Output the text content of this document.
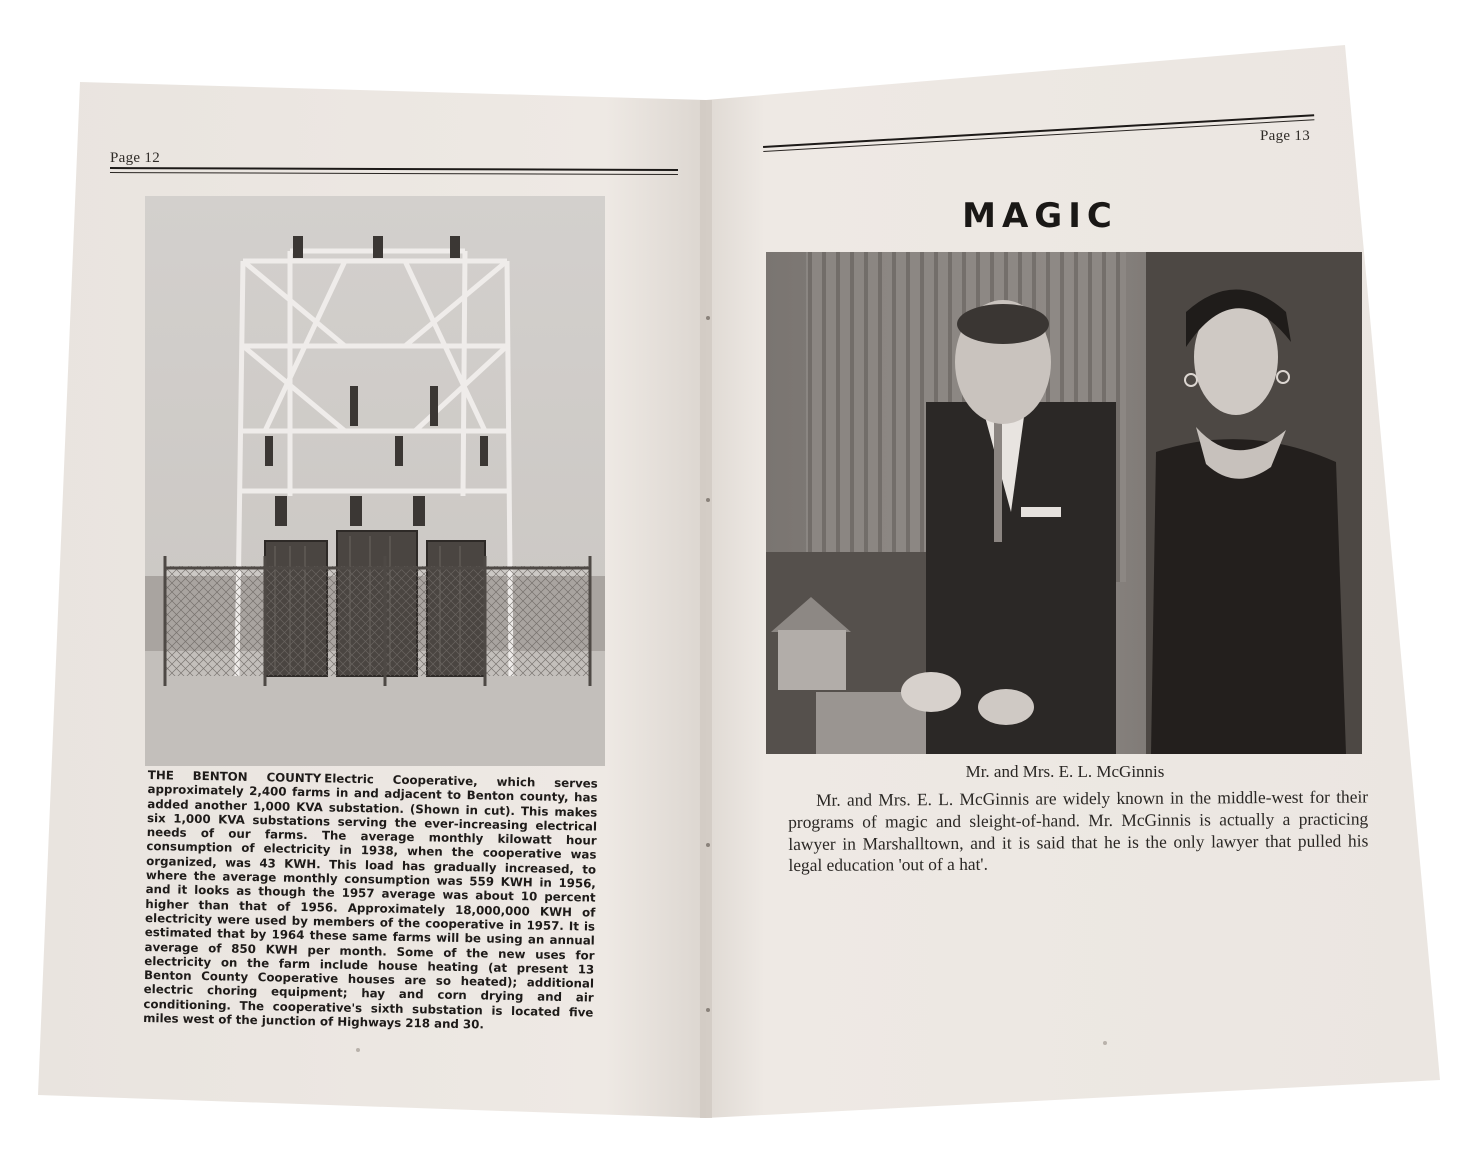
Page 12
Page 13
THE BENTON COUNTY Electric Cooperative, which serves approximately 2,400 farms in and adjacent to Benton county, has added another 1,000 KVA substation. (Shown in cut). This makes six 1,000 KVA substations serving the ever-increasing electrical needs of our farms. The average monthly kilowatt hour consumption of electricity in 1938, when the cooperative was organized, was 43 KWH. This load has gradually increased, to where the average monthly consumption was 559 KWH in 1956, and it looks as though the 1957 average was about 10 percent higher than that of 1956. Approximately 18,000,000 KWH of electricity were used by members of the cooperative in 1957. It is estimated that by 1964 these same farms will be using an annual average of 850 KWH per month. Some of the new uses for electricity on the farm include house heating (at present 13 Benton County Cooperative houses are so heated); additional electric choring equipment; hay and corn drying and air conditioning. The cooperative's sixth substation is located five miles west of the junction of Highways 218 and 30.
MAGIC
Mr. and Mrs. E. L. McGinnis
Mr. and Mrs. E. L. McGinnis are widely known in the middle-west for their programs of magic and sleight-of-hand. Mr. McGinnis is actually a practicing lawyer in Marshalltown, and it is said that he is the only lawyer that pulled his legal education 'out of a hat'.
